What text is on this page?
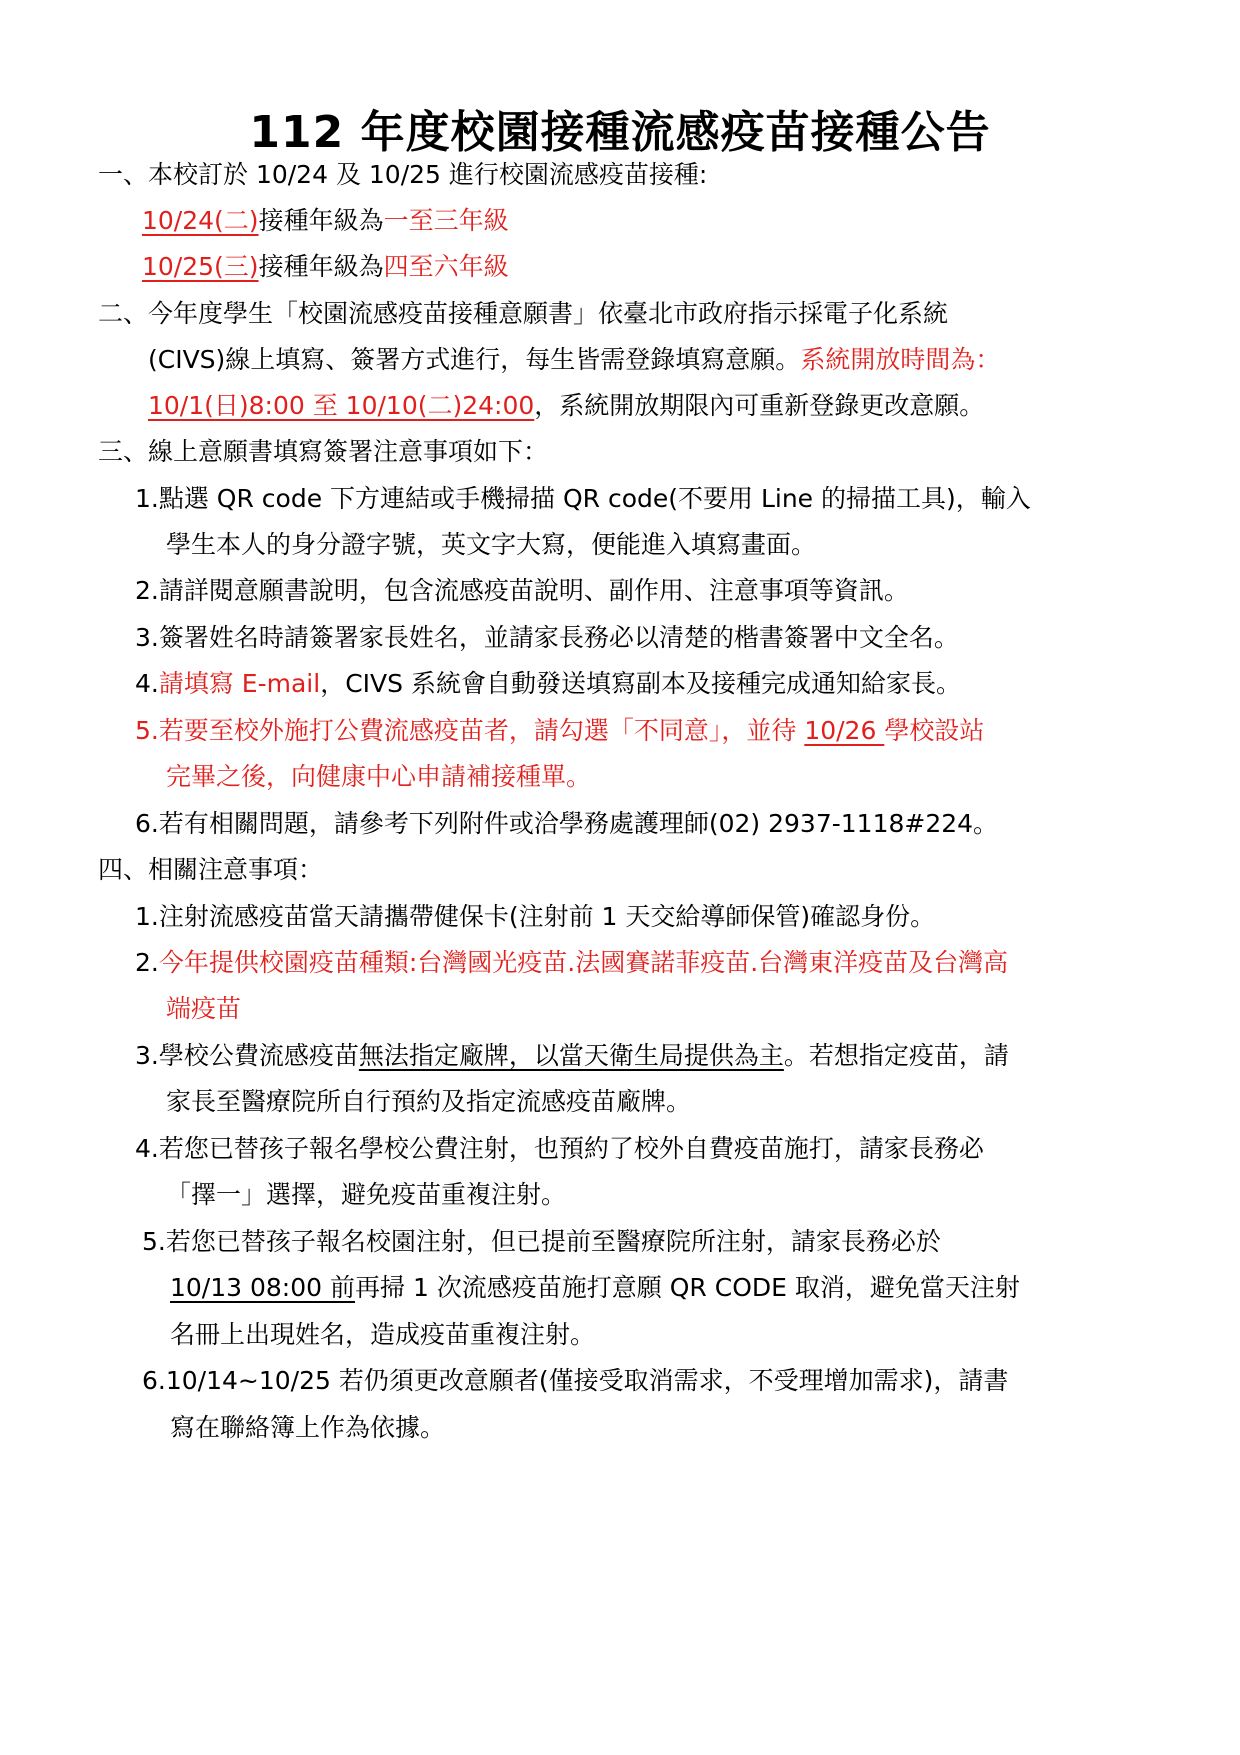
112 年度校園接種流感疫苗接種公告
一、本校訂於 10/24 及 10/25 進行校園流感疫苗接種:
10/24(二)接種年級為一至三年級
10/25(三)接種年級為四至六年級
二、今年度學生「校園流感疫苗接種意願書」依臺北市政府指示採電子化系統
(CIVS)線上填寫、簽署方式進行，每生皆需登錄填寫意願。系統開放時間為：
10/1(日)8:00 至 10/10(二)24:00，系統開放期限內可重新登錄更改意願。
三、線上意願書填寫簽署注意事項如下：
1.點選 QR code 下方連結或手機掃描 QR code(不要用 Line 的掃描工具)，輸入
學生本人的身分證字號，英文字大寫，便能進入填寫畫面。
2.請詳閱意願書說明，包含流感疫苗說明、副作用、注意事項等資訊。
3.簽署姓名時請簽署家長姓名，並請家長務必以清楚的楷書簽署中文全名。
4.請填寫 E-mail，CIVS 系統會自動發送填寫副本及接種完成通知給家長。
5.若要至校外施打公費流感疫苗者，請勾選「不同意」，並待 10/26 學校設站
完畢之後，向健康中心申請補接種單。
6.若有相關問題，請參考下列附件或洽學務處護理師(02) 2937-1118#224。
四、相關注意事項：
1.注射流感疫苗當天請攜帶健保卡(注射前 1 天交給導師保管)確認身份。
2.今年提供校園疫苗種類:台灣國光疫苗.法國賽諾菲疫苗.台灣東洋疫苗及台灣高
端疫苗
3.學校公費流感疫苗無法指定廠牌，以當天衛生局提供為主。若想指定疫苗，請
家長至醫療院所自行預約及指定流感疫苗廠牌。
4.若您已替孩子報名學校公費注射，也預約了校外自費疫苗施打，請家長務必
「擇一」選擇，避免疫苗重複注射。
5.若您已替孩子報名校園注射，但已提前至醫療院所注射，請家長務必於
10/13 08:00 前再掃 1 次流感疫苗施打意願 QR CODE 取消，避免當天注射
名冊上出現姓名，造成疫苗重複注射。
6.10/14~10/25 若仍須更改意願者(僅接受取消需求，不受理增加需求)，請書
寫在聯絡簿上作為依據。
